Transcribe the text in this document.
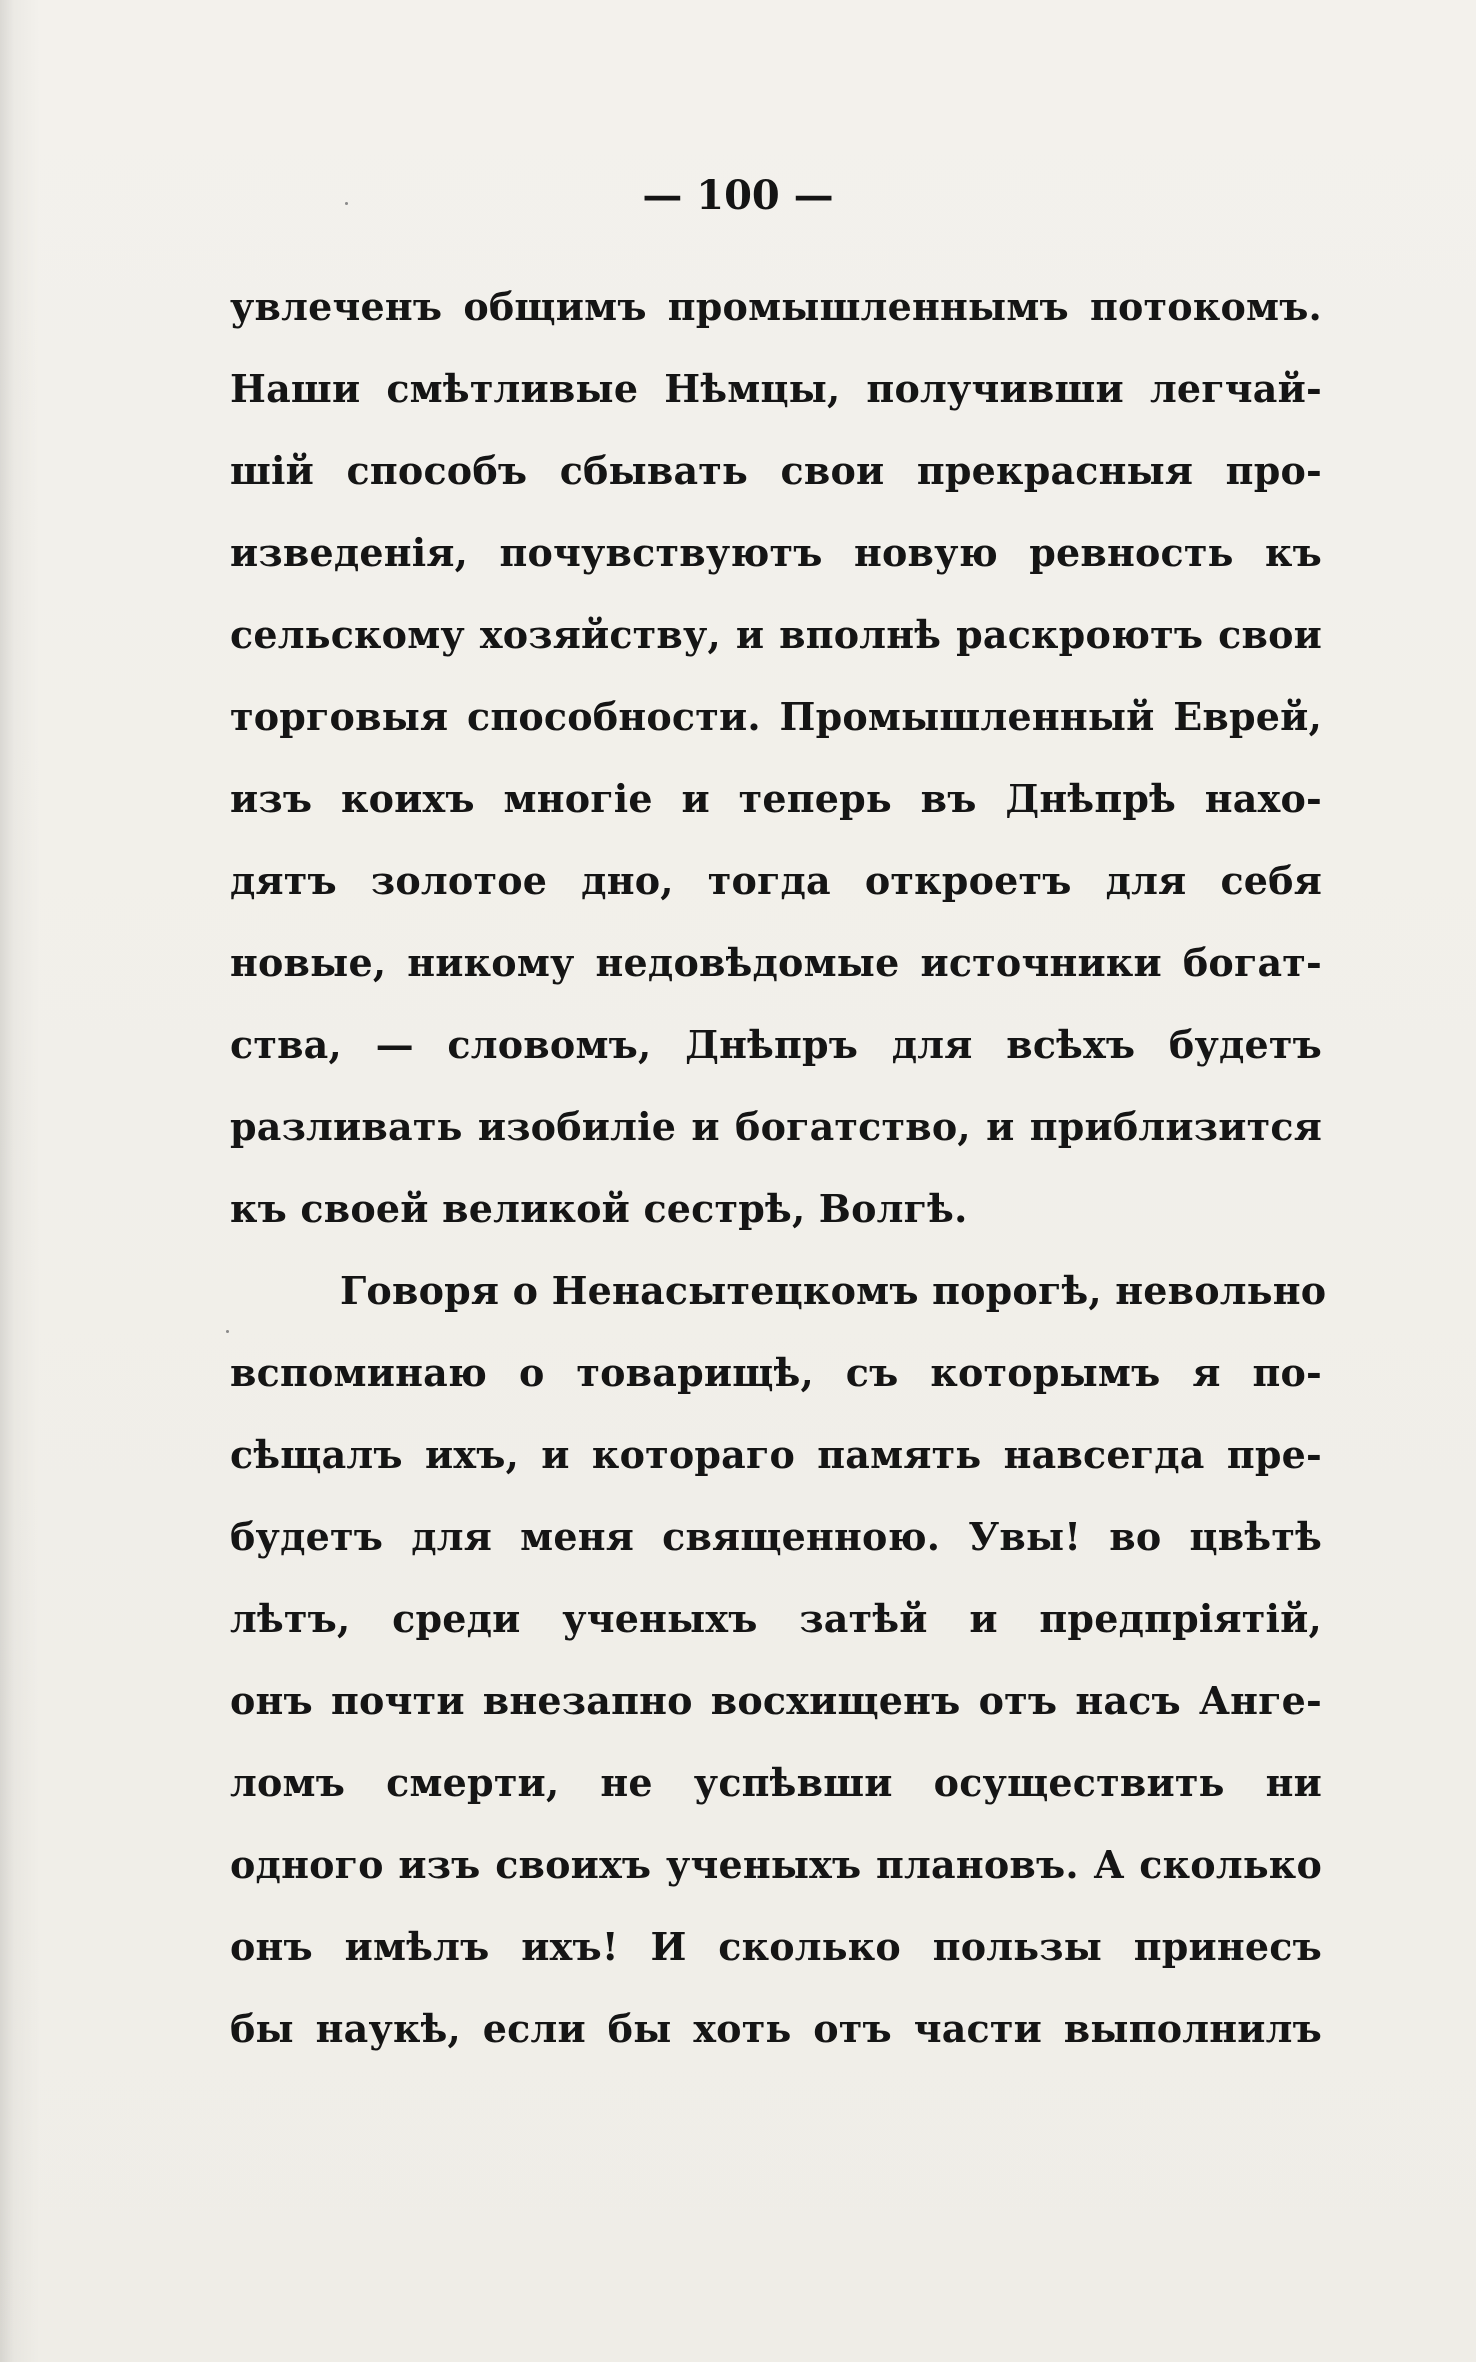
— 100 —
увлеченъ общимъ промышленнымъ потокомъ.
Наши смѣтливые Нѣмцы, получивши легчай-
шій способъ сбывать свои прекрасныя про-
изведенія, почувствуютъ новую ревность къ
сельскому хозяйству, и вполнѣ раскроютъ свои
торговыя способности. Промышленный Еврей,
изъ коихъ многіе и теперь въ Днѣпрѣ нахо-
дятъ золотое дно, тогда откроетъ для себя
новые, никому недовѣдомые источники богат-
ства, — словомъ, Днѣпръ для всѣхъ будетъ
разливать изобиліе и богатство, и приблизится
къ своей великой сестрѣ, Волгѣ.
Говоря о Ненасытецкомъ порогѣ, невольно
вспоминаю о товарищѣ, съ которымъ я по-
сѣщалъ ихъ, и котораго память навсегда пре-
будетъ для меня священною. Увы! во цвѣтѣ
лѣтъ, среди ученыхъ затѣй и предпріятій,
онъ почти внезапно восхищенъ отъ насъ Анге-
ломъ смерти, не успѣвши осуществить ни
одного изъ своихъ ученыхъ плановъ. А сколько
онъ имѣлъ ихъ! И сколько пользы принесъ
бы наукѣ, если бы хоть отъ части выполнилъ
